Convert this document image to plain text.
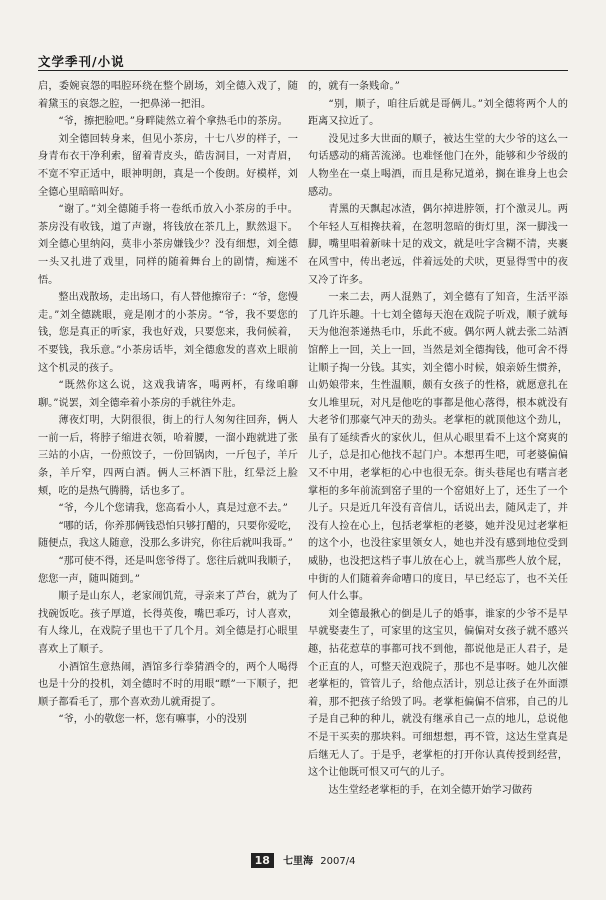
文学季刊/小说

启，委婉哀怨的唱腔环绕在整个剧场，刘全德入戏了，随着黛玉的哀怨之腔，一把鼻涕一把泪。

“爷，擦把脸吧。”身畔陡然立着个拿热毛巾的茶房。

刘全德回转身来，但见小茶房，十七八岁的样子，一身青布衣干净利索，留着青皮头，皓齿洞目，一对青眉，不宽不窄正适中，眼神明朗，真是一个俊朗。好模样，刘全德心里暗暗叫好。

“谢了。”刘全德随手将一卷纸币放入小茶房的手中。茶房没有收钱，道了声谢，将钱放在茶几上，默然退下。刘全德心里纳闷，莫非小茶房嫌钱少？没有细想，刘全德一头又扎进了戏里，同样的随着舞台上的剧情，痴迷不悟。

整出戏散场，走出场口，有人替他擦帘子：“爷，您慢走。”刘全德跳眼，竟是刚才的小茶房。“爷，我不要您的钱，您是真正的听家，我也好戏，只要您来，我伺候着，不要钱，我乐意。”小茶房话毕，刘全德愈发的喜欢上眼前这个机灵的孩子。

“既然你这么说，这戏我请客，喝两杯，有缘咱聊聊。”说罢，刘全德牵着小茶房的手就往外走。

薄夜灯明，大阴很很，街上的行人匆匆往回奔，俩人一前一后，将脖子缩进衣领，哈着腰，一溜小跑就进了张三站的小店，一份煎饺子，一份回锅肉，一斤包子，羊斤条，羊斤窄，四两白酒。俩人三杯酒下肚，红晕泛上脸颊，吃的是热气腾腾，话也多了。

“爷，今儿个您请我，您高看小人，真是过意不去。”

“哪的话，你养那俩钱恐怕只够打醋的，只要你爱吃，随便点，我这人随意，没那么多讲究，你往后就叫我哥。”

“那可使不得，还是叫您爷得了。您往后就叫我顺子，您您一声，随叫随到。”

顺子是山东人，老家闹饥荒，寻亲来了芦台，就为了找碗饭吃。孩子厚道，长得英俊，嘴巴乖巧，讨人喜欢，有人缘儿，在戏院子里也干了几个月。刘全德是打心眼里喜欢上了顺子。

小酒馆生意热闹，酒馆多行拳猜酒令的，两个人喝得也是十分的投机，刘全德时不时的用眼“瞟”一下顺子，把顺子都看毛了，那个喜欢劲儿就甭提了。

“爷，小的敬您一杯，您有嘛事，小的没别

的，就有一条贱命。”

“别，顺子，咱往后就是哥俩儿。”刘全德将两个人的距离又拉近了。

没见过多大世面的顺子，被达生堂的大少爷的这么一句话感动的痛苦流涕。也难怪他门在外，能够和少爷级的人物坐在一桌上喝酒，而且是称兄道弟，搁在谁身上也会感动。

青黑的天飘起冰渣，偶尔掉进脖领，打个激灵儿。两个年轻人互相搀扶着，在忽明忽暗的街灯里，深一脚浅一脚，嘴里唱着新味十足的戏文，就是吐字含糊不清，夹裹在风雪中，传出老远，伴着远处的犬吠，更显得雪中的夜又冷了许多。

一来二去，两人混熟了，刘全德有了知音，生活平添了几许乐趣。十七刘全德每天泡在戏院子听戏，顺子就每天为他泡茶递热毛巾，乐此不疲。偶尔两人就去张二站酒馆醉上一回，关上一回，当然是刘全德掏钱，他可舍不得让顺子掏一分钱。其实，刘全德小时候，娘亲娇生惯养，山奶娘带来，生性温顺，颇有女孩子的性格，就愿意扎在女儿堆里玩，对凡是他吃的事都是他心落得，根本就没有大老爷们那豪气冲天的劲头。老掌柜的就顶他这个劲儿，虽有了延续香火的家伙儿，但从心眼里看不上这个窝爽的儿子，总是扣心他找不起门户。本想再生吧，可老婆偏偏又不中用，老掌柜的心中也很无奈。街头巷尾也有嗜言老掌柜的多年前流到窑子里的一个窑姐好上了，还生了一个儿子。只是近几年没有音信儿，话说出去，随风走了，并没有人捡在心上，包括老掌柜的老婆，她并没见过老掌柜的这个小，也没往家里领女人，她也并没有感到地位受到威胁，也没把这档子事儿放在心上，就当那些人放个屁，中街的人们随着奔命嘈口的度日，早已经忘了，也不关任何人什么事。

刘全德最揪心的倒是儿子的婚事，谁家的少爷不是早早就娶妻生了，可家里的这宝贝，偏偏对女孩子就不感兴趣，拈花惹草的事都可找不到他，都说他是正人君子，是个正直的人，可整天泡戏院子，那也不是事呀。她儿次催老掌柜的，管管儿子，给他点活计，别总让孩子在外面漂着，那不把孩子给毁了吗。老掌柜偏偏不信邪，自己的儿子是自己种的种儿，就没有继承自己一点的地儿，总说他不是干买卖的那块料。可细想想，再不管，这达生堂真是后继无人了。于是乎，老掌柜的打开你认真传授到经营，这个让他既可恨又可气的儿子。

达生堂经老掌柜的手，在刘全德开始学习做药

18 七里海 2007/4
